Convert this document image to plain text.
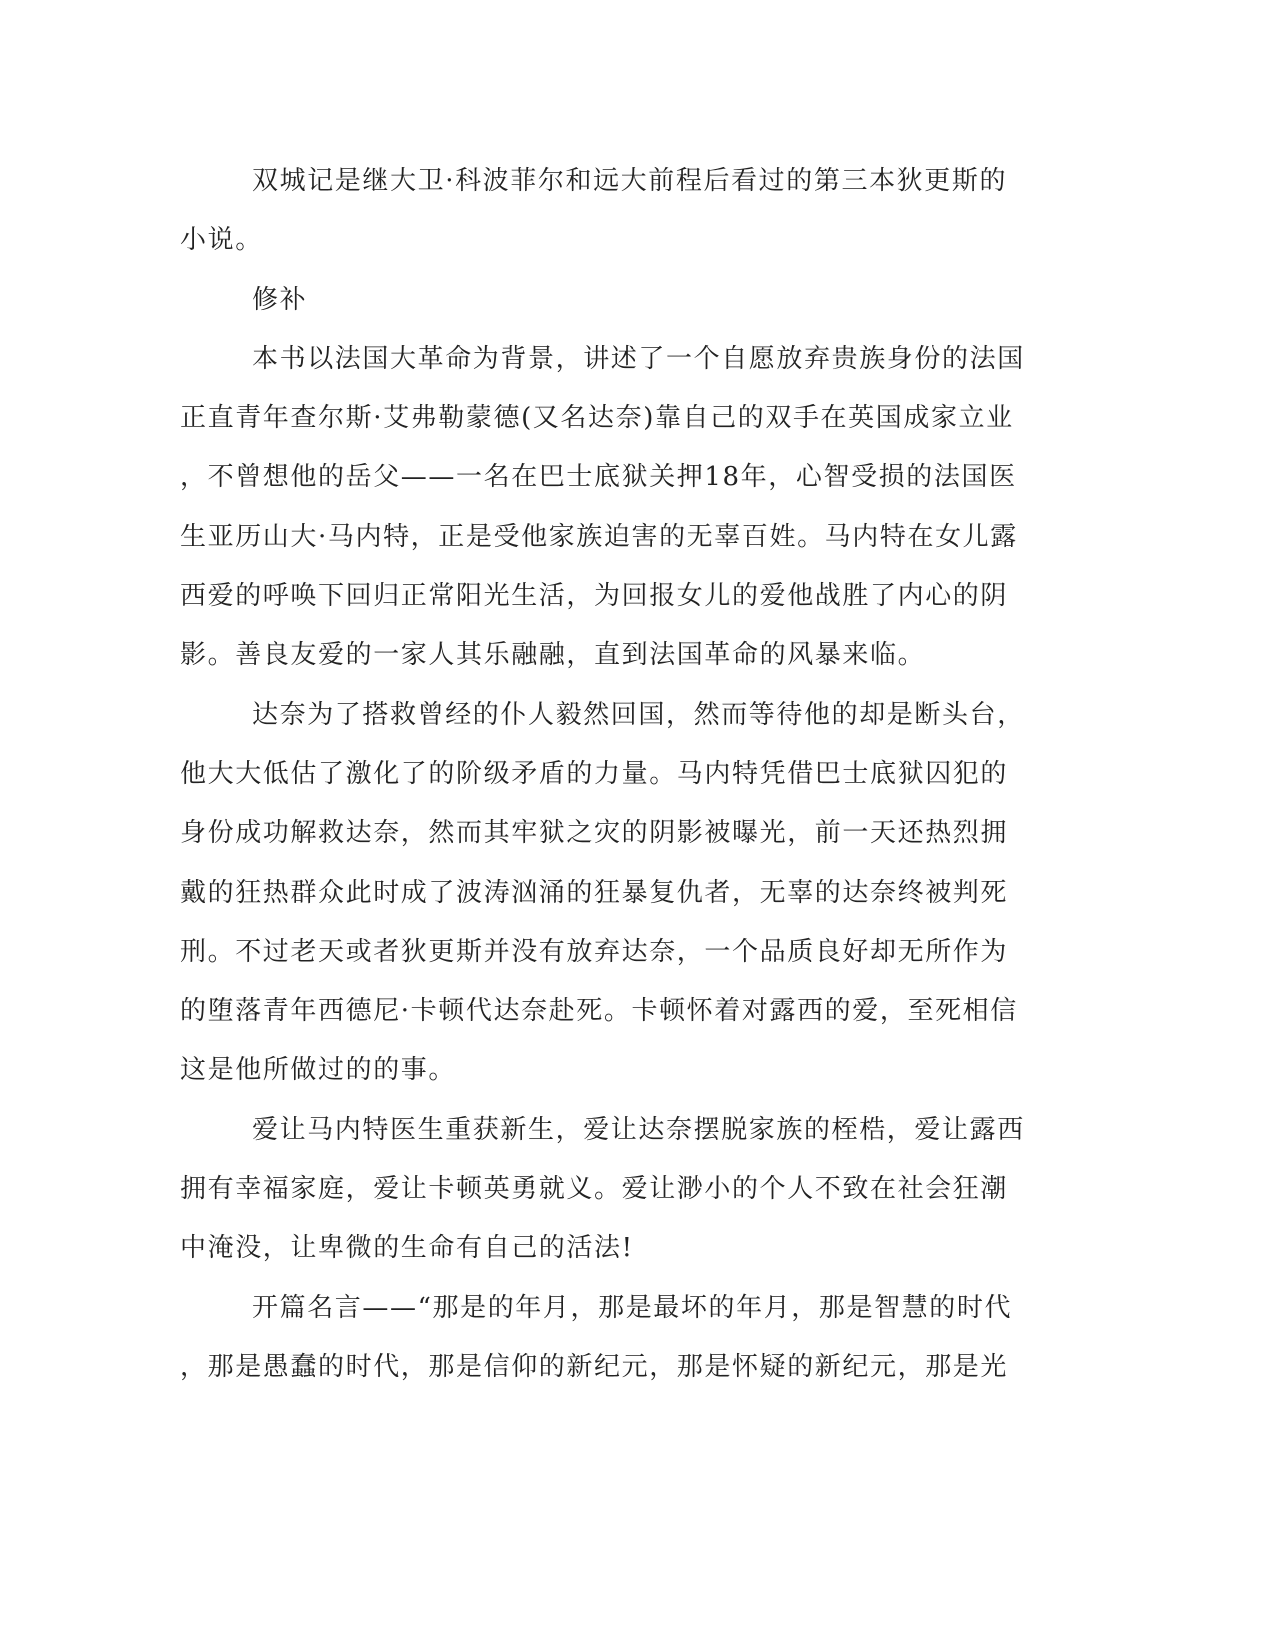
双城记是继大卫·科波菲尔和远大前程后看过的第三本狄更斯的
小说。
修补
本书以法国大革命为背景，讲述了一个自愿放弃贵族身份的法国
正直青年查尔斯·艾弗勒蒙德(又名达奈)靠自己的双手在英国成家立业
，不曾想他的岳父——一名在巴士底狱关押18年，心智受损的法国医
生亚历山大·马内特，正是受他家族迫害的无辜百姓。马内特在女儿露
西爱的呼唤下回归正常阳光生活，为回报女儿的爱他战胜了内心的阴
影。善良友爱的一家人其乐融融，直到法国革命的风暴来临。
达奈为了搭救曾经的仆人毅然回国，然而等待他的却是断头台，
他大大低估了激化了的阶级矛盾的力量。马内特凭借巴士底狱囚犯的
身份成功解救达奈，然而其牢狱之灾的阴影被曝光，前一天还热烈拥
戴的狂热群众此时成了波涛汹涌的狂暴复仇者，无辜的达奈终被判死
刑。不过老天或者狄更斯并没有放弃达奈，一个品质良好却无所作为
的堕落青年西德尼·卡顿代达奈赴死。卡顿怀着对露西的爱，至死相信
这是他所做过的的事。
爱让马内特医生重获新生，爱让达奈摆脱家族的桎梏，爱让露西
拥有幸福家庭，爱让卡顿英勇就义。爱让渺小的个人不致在社会狂潮
中淹没，让卑微的生命有自己的活法!
开篇名言——“那是的年月，那是最坏的年月，那是智慧的时代
，那是愚蠢的时代，那是信仰的新纪元，那是怀疑的新纪元，那是光
